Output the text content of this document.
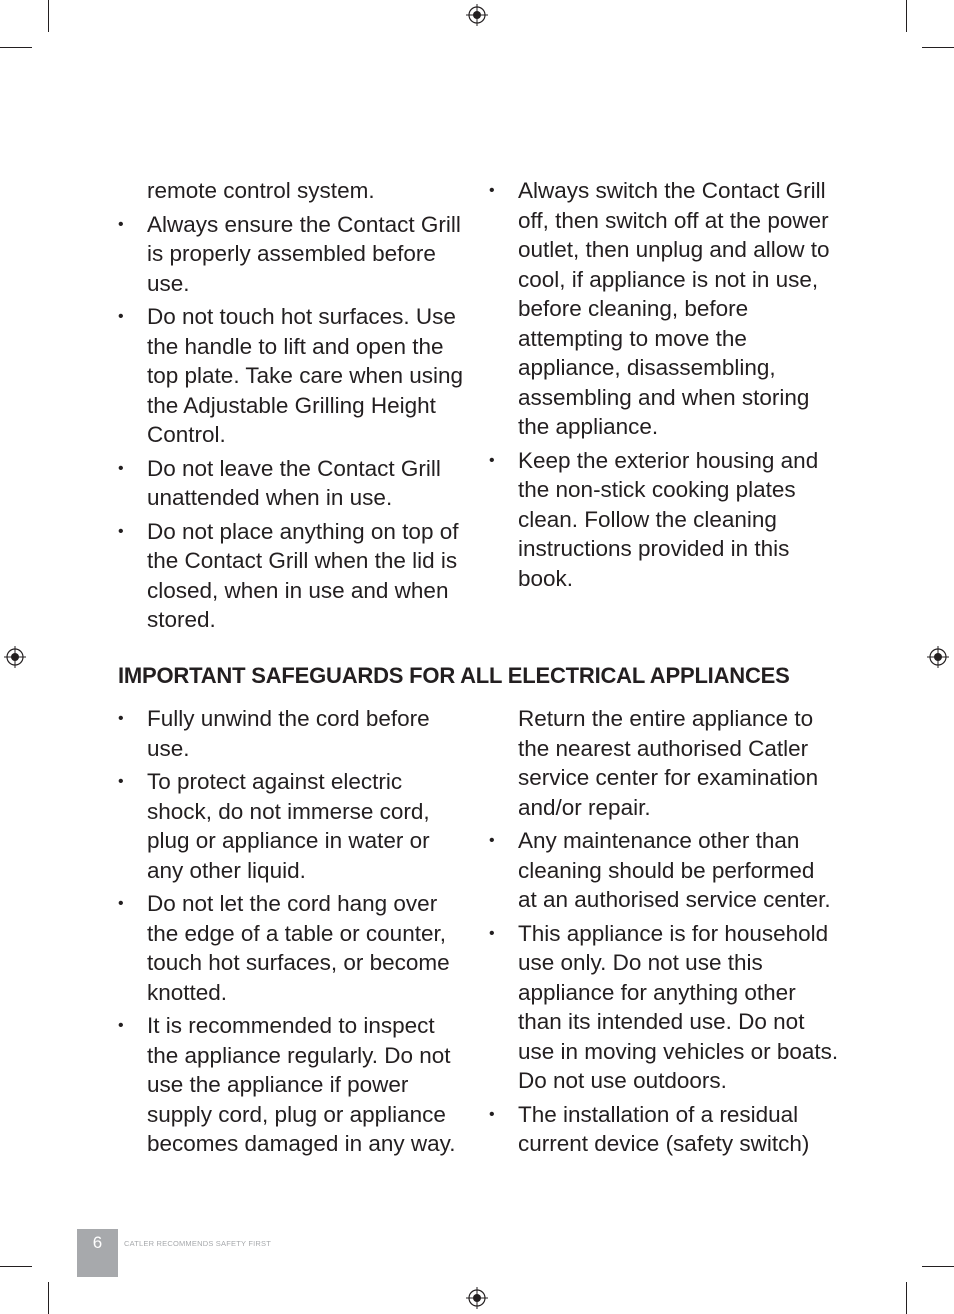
remote control system.

•	Always ensure the Contact Grill is properly assembled before use.
•	Do not touch hot surfaces. Use the handle to lift and open the top plate. Take care when using the Adjustable Grilling Height Control.
•	Do not leave the Contact Grill unattended when in use.
•	Do not place anything on top of the Contact Grill when the lid is closed, when in use and when stored.
•	Always switch the Contact Grill off, then switch off at the power outlet, then unplug and allow to cool, if appliance is not in use, before cleaning, before attempting to move the appliance, disassembling, assembling and when storing the appliance.
•	Keep the exterior housing and the non-stick cooking plates clean. Follow the cleaning instructions provided in this book.
IMPORTANT SAFEGUARDS FOR ALL ELECTRICAL APPLIANCES
•	Fully unwind the cord before use.
•	To protect against electric shock, do not immerse cord, plug or appliance in water or any other liquid.
•	Do not let the cord hang over the edge of a table or counter, touch hot surfaces, or become knotted.
•	It is recommended to inspect the appliance regularly. Do not use the appliance if power supply cord, plug or appliance becomes damaged in any way.

Return the entire appliance to the nearest authorised Catler service center for examination and/or repair.

•	Any maintenance other than cleaning should be performed at an authorised service center.
•	This appliance is for household use only. Do not use this appliance for anything other than its intended use. Do not use in moving vehicles or boats. Do not use outdoors.
•	The installation of a residual current device (safety switch)
6	CATLER RECOMMENDS SAFETY FIRST
